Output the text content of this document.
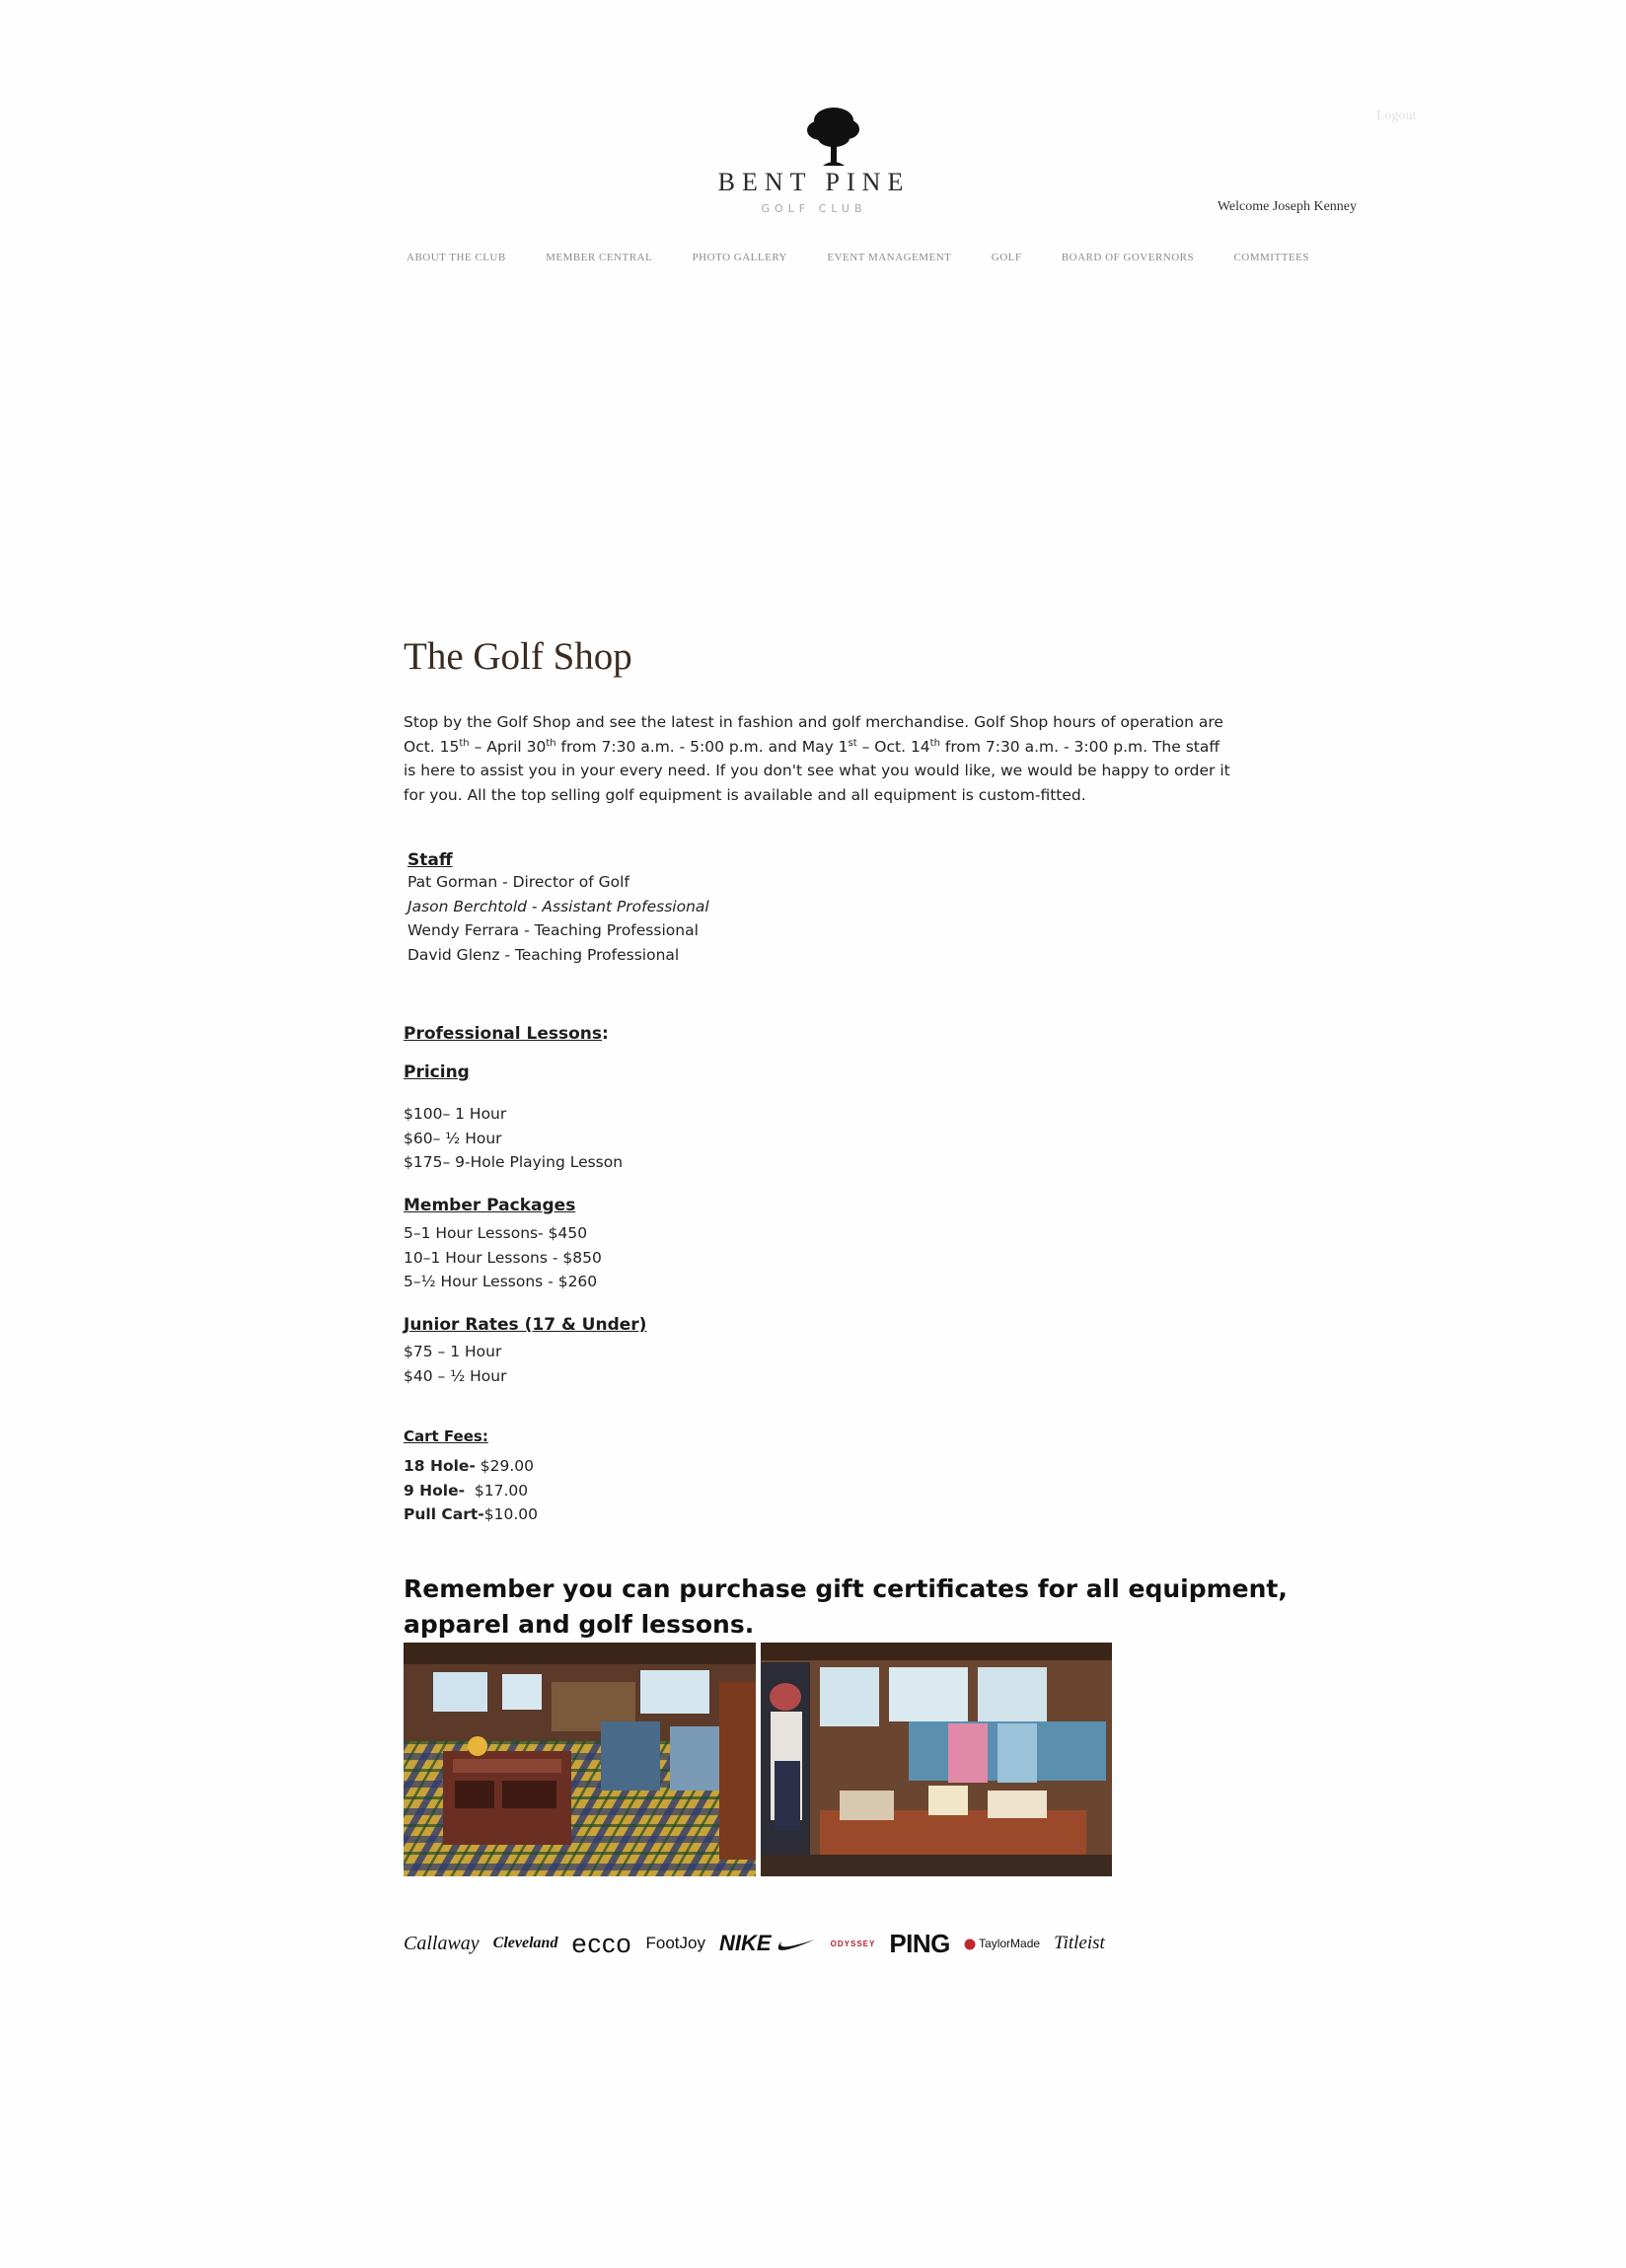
Logout
BENT PINE
GOLF CLUB	Welcome Joseph Kenney
ABOUT THE CLUB	MEMBER CENTRAL	PHOTO GALLERY	EVENT MANAGEMENT	GOLF	BOARD OF GOVERNORS	COMMITTEES
The Golf Shop

Stop by the Golf Shop and see the latest in fashion and golf merchandise. Golf Shop hours of operation are

Oct. 15th – April 30th from 7:30 a.m. - 5:00 p.m. and May 1st – Oct. 14th from 7:30 a.m. - 3:00 p.m. The staff

is here to assist you in your every need. If you don't see what you would like, we would be happy to order it

for you. All the top selling golf equipment is available and all equipment is custom-fitted.

Staff
Pat Gorman - Director of Golf
Jason Berchtold - Assistant Professional
Wendy Ferrara - Teaching Professional
David Glenz - Teaching Professional
Professional Lessons:
Pricing
$100– 1 Hour
$60– ½ Hour
$175– 9-Hole Playing Lesson
Member Packages
5–1 Hour Lessons- $450
10–1 Hour Lessons - $850
5–½ Hour Lessons - $260
Junior Rates (17 & Under)
$75 – 1 Hour
$40 – ½ Hour
Cart Fees:
18 Hole- $29.00
9 Hole-  $17.00
Pull Cart-$10.00
Remember you can purchase gift certificates for all equipment, apparel and golf lessons.
Callaway Cleveland ecco FootJoy NIKE	ODYSSEY PING	TaylorMade Titleist
